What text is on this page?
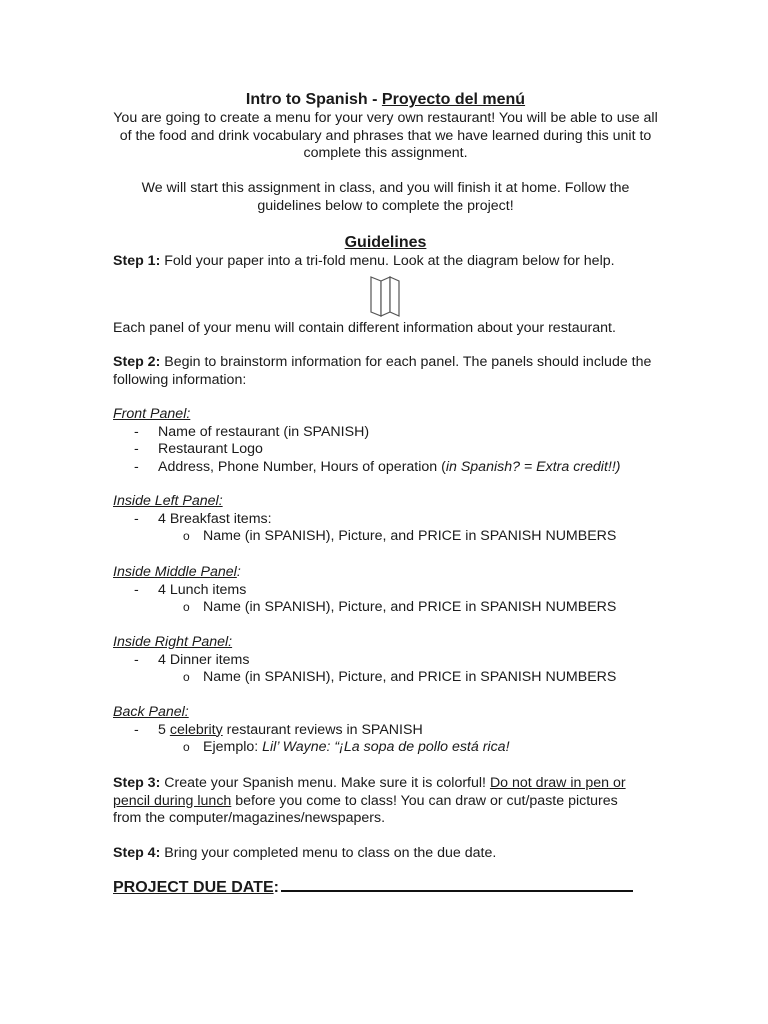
Intro to Spanish - Proyecto del menú
You are going to create a menu for your very own restaurant! You will be able to use all of the food and drink vocabulary and phrases that we have learned during this unit to complete this assignment.
We will start this assignment in class, and you will finish it at home. Follow the guidelines below to complete the project!
Guidelines
Step 1: Fold your paper into a tri-fold menu. Look at the diagram below for help.
Each panel of your menu will contain different information about your restaurant.
Step 2: Begin to brainstorm information for each panel. The panels should include the following information:
Front Panel:
- Name of restaurant (in SPANISH)
- Restaurant Logo
- Address, Phone Number, Hours of operation (in Spanish? = Extra credit!!)
Inside Left Panel:
- 4 Breakfast items:
o Name (in SPANISH), Picture, and PRICE in SPANISH NUMBERS
Inside Middle Panel:
- 4 Lunch items
o Name (in SPANISH), Picture, and PRICE in SPANISH NUMBERS
Inside Right Panel:
- 4 Dinner items
o Name (in SPANISH), Picture, and PRICE in SPANISH NUMBERS
Back Panel:
- 5 celebrity restaurant reviews in SPANISH
o Ejemplo: Lil’ Wayne: “¡La sopa de pollo está rica!
Step 3: Create your Spanish menu. Make sure it is colorful! Do not draw in pen or pencil during lunch before you come to class! You can draw or cut/paste pictures from the computer/magazines/newspapers.
Step 4: Bring your completed menu to class on the due date.
PROJECT DUE DATE:
